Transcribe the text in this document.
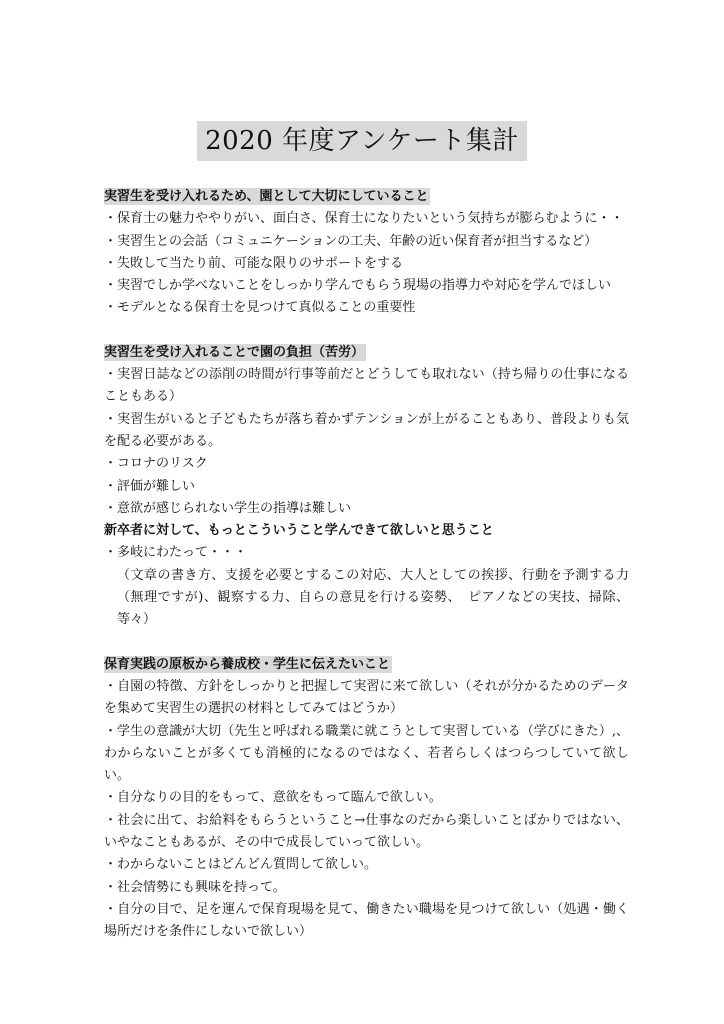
2020 年度アンケート集計
実習生を受け入れるため、園として大切にしていること
・保育士の魅力ややりがい、面白さ、保育士になりたいという気持ちが膨らむように・・
・実習生との会話（コミュニケーションの工夫、年齢の近い保育者が担当するなど）
・失敗して当たり前、可能な限りのサポートをする
・実習でしか学べないことをしっかり学んでもらう現場の指導力や対応を学んでほしい
・モデルとなる保育士を見つけて真似ることの重要性
実習生を受け入れることで園の負担（苦労）
・実習日誌などの添削の時間が行事等前だとどうしても取れない（持ち帰りの仕事になることもある）
・実習生がいると子どもたちが落ち着かずテンションが上がることもあり、普段よりも気を配る必要がある。
・コロナのリスク
・評価が難しい
・意欲が感じられない学生の指導は難しい
新卒者に対して、もっとこういうこと学んできて欲しいと思うこと
・多岐にわたって・・・
（文章の書き方、支援を必要とするこの対応、大人としての挨拶、行動を予測する力（無理ですが)、観察する力、自らの意見を行ける姿勢、　ピアノなどの実技、掃除、等々）
保育実践の原板から養成校・学生に伝えたいこと
・自園の特徴、方針をしっかりと把握して実習に来て欲しい（それが分かるためのデータを集めて実習生の選択の材料としてみてはどうか）
・学生の意識が大切（先生と呼ばれる職業に就こうとして実習している（学びにきた）,、わからないことが多くても消極的になるのではなく、若者らしくはつらつしていて欲しい。
・自分なりの目的をもって、意欲をもって臨んで欲しい。
・社会に出て、お給料をもらうということ→仕事なのだから楽しいことばかりではない、いやなこともあるが、その中で成長していって欲しい。
・わからないことはどんどん質問して欲しい。
・社会情勢にも興味を持って。
・自分の目で、足を運んで保育現場を見て、働きたい職場を見つけて欲しい（処遇・働く場所だけを条件にしないで欲しい）
